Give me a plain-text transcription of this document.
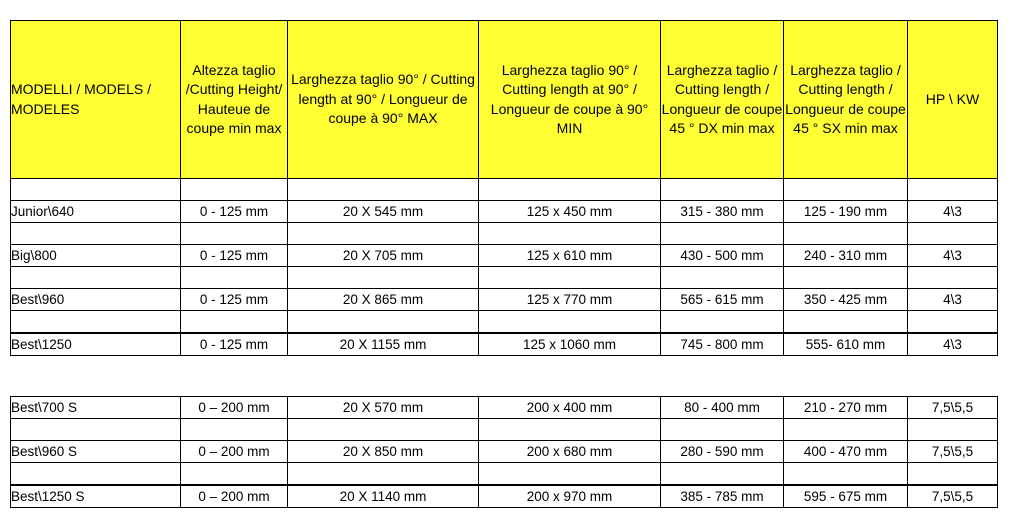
MODELLI / MODELS / MODELES	Altezza taglio /Cutting Height/ Hauteue de coupe min max	Larghezza taglio 90° / Cutting length at 90° / Longueur de coupe à 90° MAX	Larghezza taglio 90° / Cutting length at 90° / Longueur de coupe à 90° MIN	Larghezza taglio / Cutting length / Longueur de coupe 45 ° DX min max	Larghezza taglio / Cutting length / Longueur de coupe 45 ° SX min max	HP \ KW

Junior\640	0 - 125 mm	20 X 545 mm	125 x 450 mm	315 - 380 mm	125 - 190 mm	4\3

Big\800	0 - 125 mm	20 X 705 mm	125 x 610 mm	430 - 500 mm	240 - 310 mm	4\3

Best\960	0 - 125 mm	20 X 865 mm	125 x 770 mm	565 - 615 mm	350 - 425 mm	4\3

Best\1250	0 - 125 mm	20 X 1155 mm	125 x 1060 mm	745 - 800 mm	555- 610 mm	4\3
Best\700 S	0 – 200 mm	20 X 570 mm	200 x 400 mm	80 - 400 mm	210 - 270 mm	7,5\5,5

Best\960 S	0 – 200 mm	20 X 850 mm	200 x 680 mm	280 - 590 mm	400 - 470 mm	7,5\5,5

Best\1250 S	0 – 200 mm	20 X 1140 mm	200 x 970 mm	385 - 785 mm	595 - 675 mm	7,5\5,5
